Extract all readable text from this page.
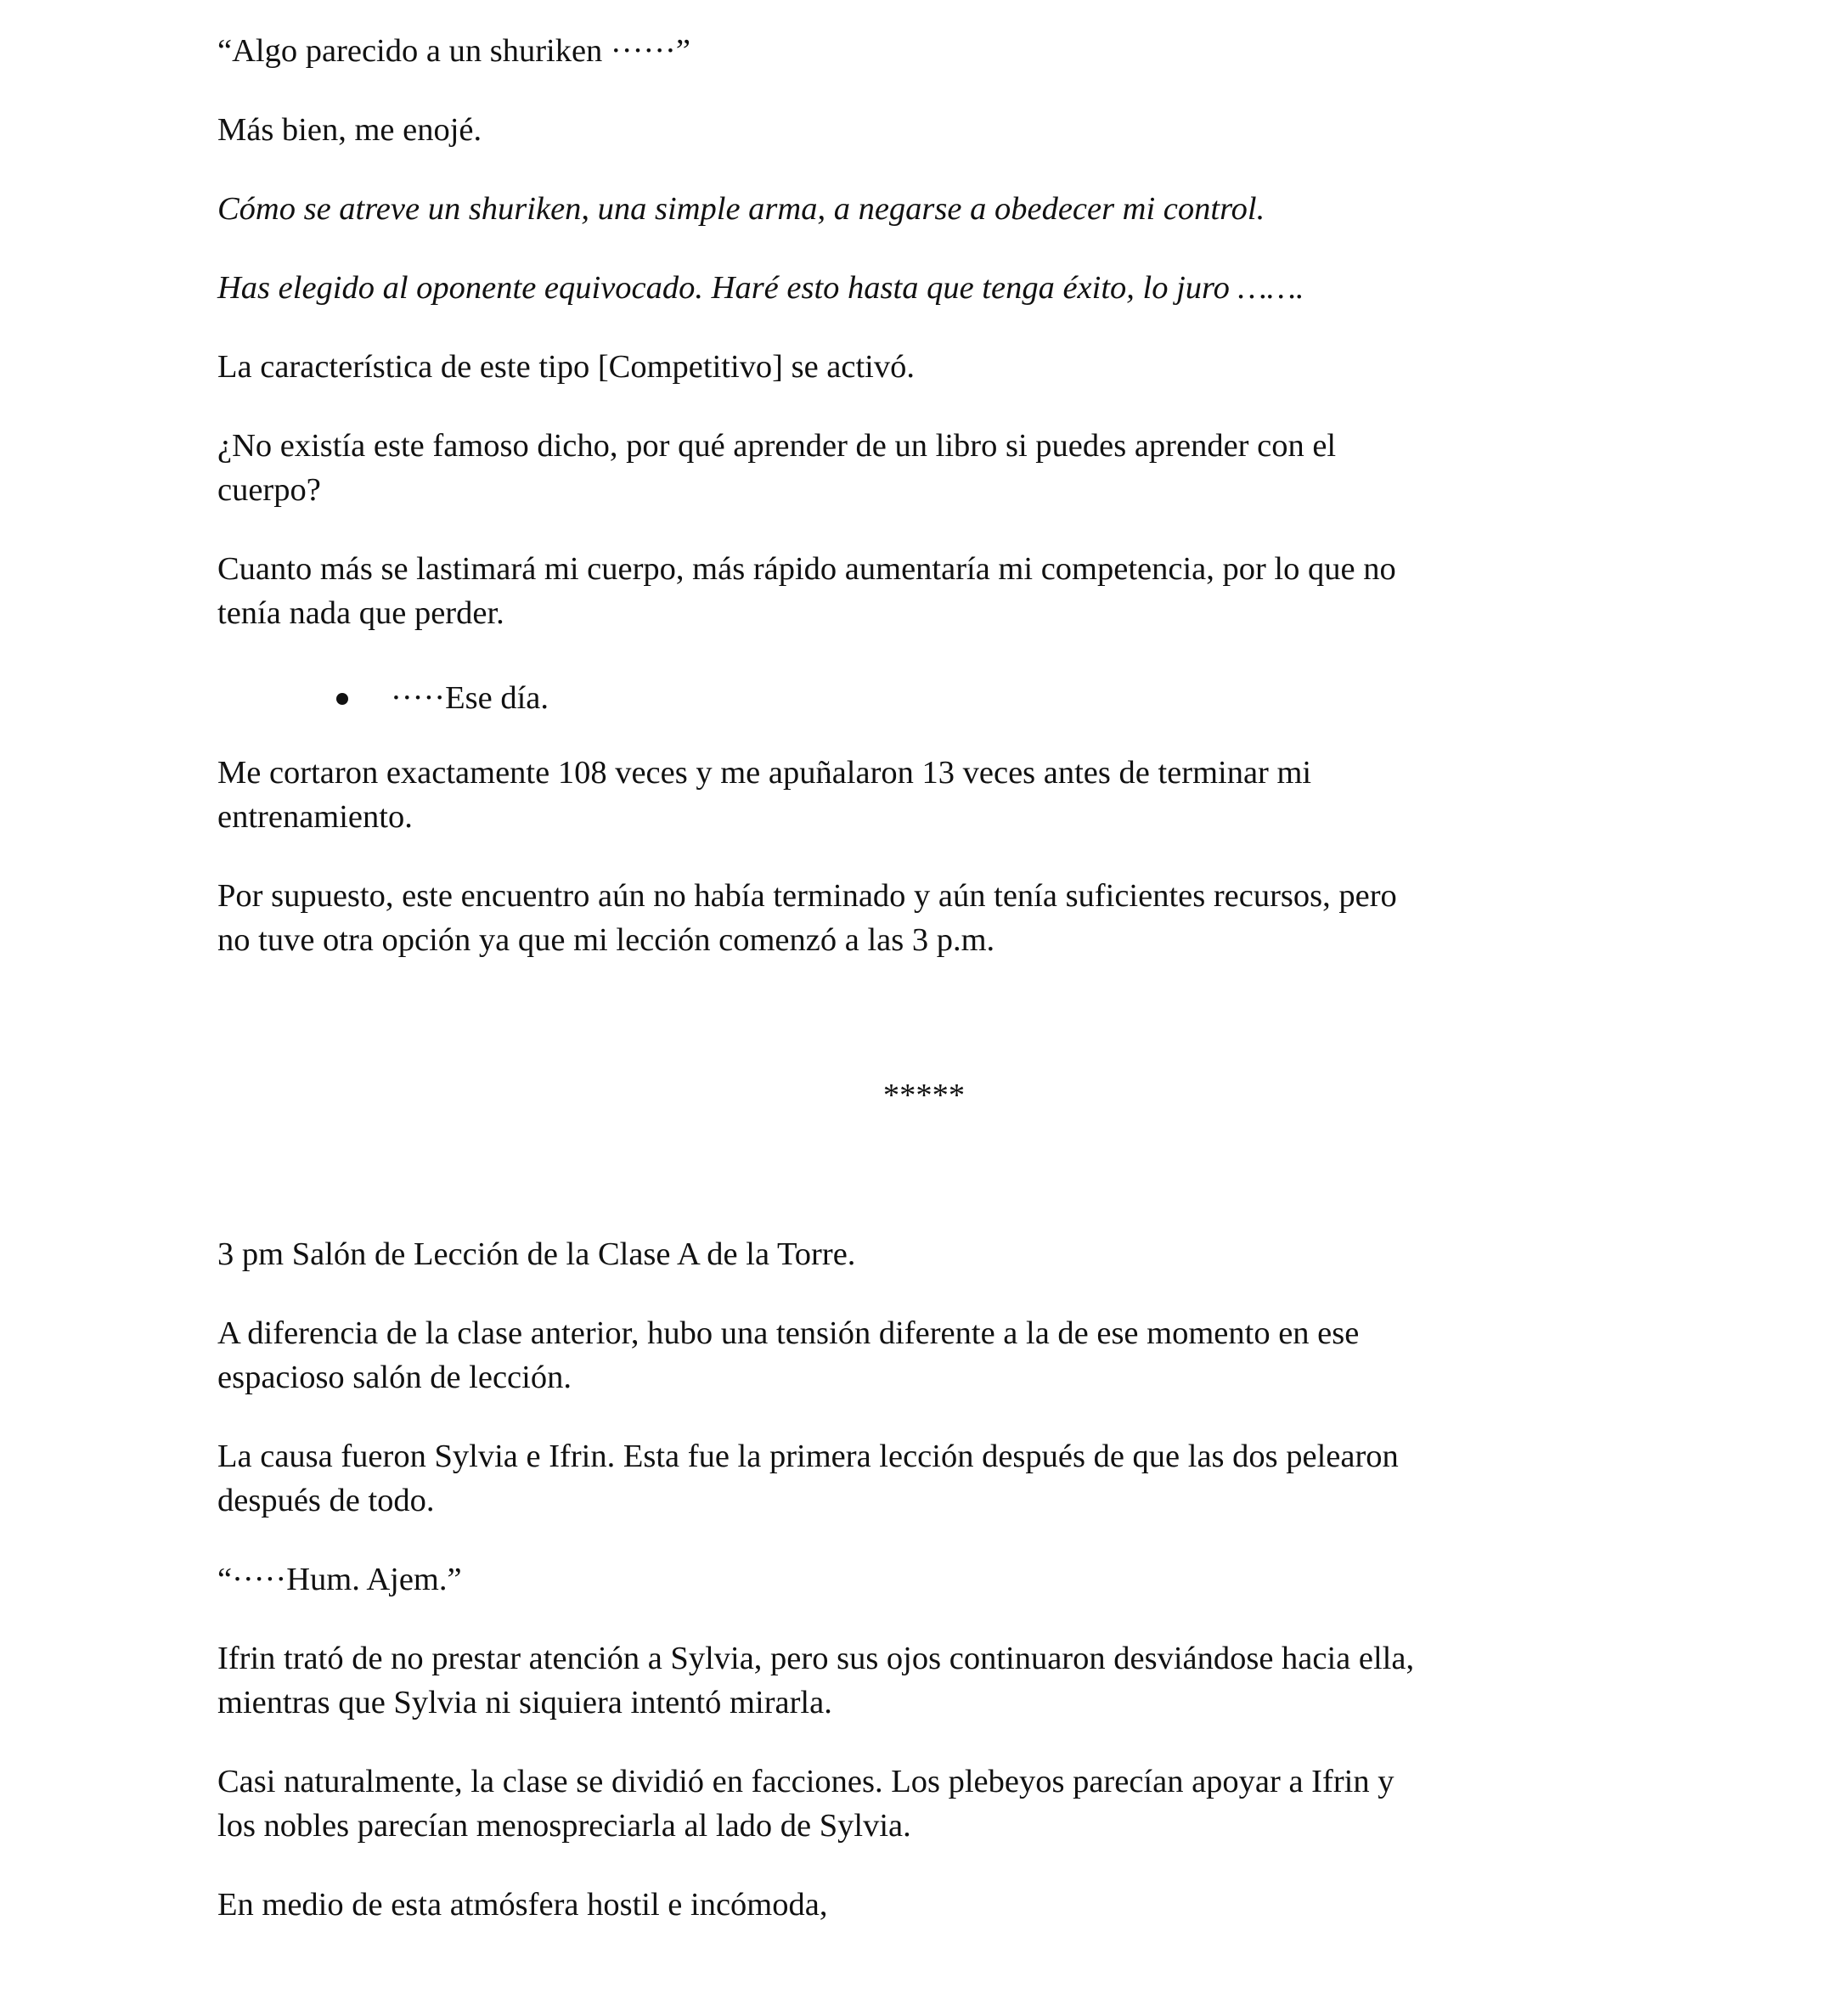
“Algo parecido a un shuriken ······”

Más bien, me enojé.

Cómo se atreve un shuriken, una simple arma, a negarse a obedecer mi control.

Has elegido al oponente equivocado. Haré esto hasta que tenga éxito, lo juro …….

La característica de este tipo [Competitivo] se activó.

¿No existía este famoso dicho, por qué aprender de un libro si puedes aprender con el
cuerpo?

Cuanto más se lastimará mi cuerpo, más rápido aumentaría mi competencia, por lo que no
tenía nada que perder.

·····Ese día.

Me cortaron exactamente 108 veces y me apuñalaron 13 veces antes de terminar mi
entrenamiento.

Por supuesto, este encuentro aún no había terminado y aún tenía suficientes recursos, pero
no tuve otra opción ya que mi lección comenzó a las 3 p.m.

*****

3 pm Salón de Lección de la Clase A de la Torre.

A diferencia de la clase anterior, hubo una tensión diferente a la de ese momento en ese
espacioso salón de lección.

La causa fueron Sylvia e Ifrin. Esta fue la primera lección después de que las dos pelearon
después de todo.

“·····Hum. Ajem.”

Ifrin trató de no prestar atención a Sylvia, pero sus ojos continuaron desviándose hacia ella,
mientras que Sylvia ni siquiera intentó mirarla.

Casi naturalmente, la clase se dividió en facciones. Los plebeyos parecían apoyar a Ifrin y
los nobles parecían menospreciarla al lado de Sylvia.

En medio de esta atmósfera hostil e incómoda,
